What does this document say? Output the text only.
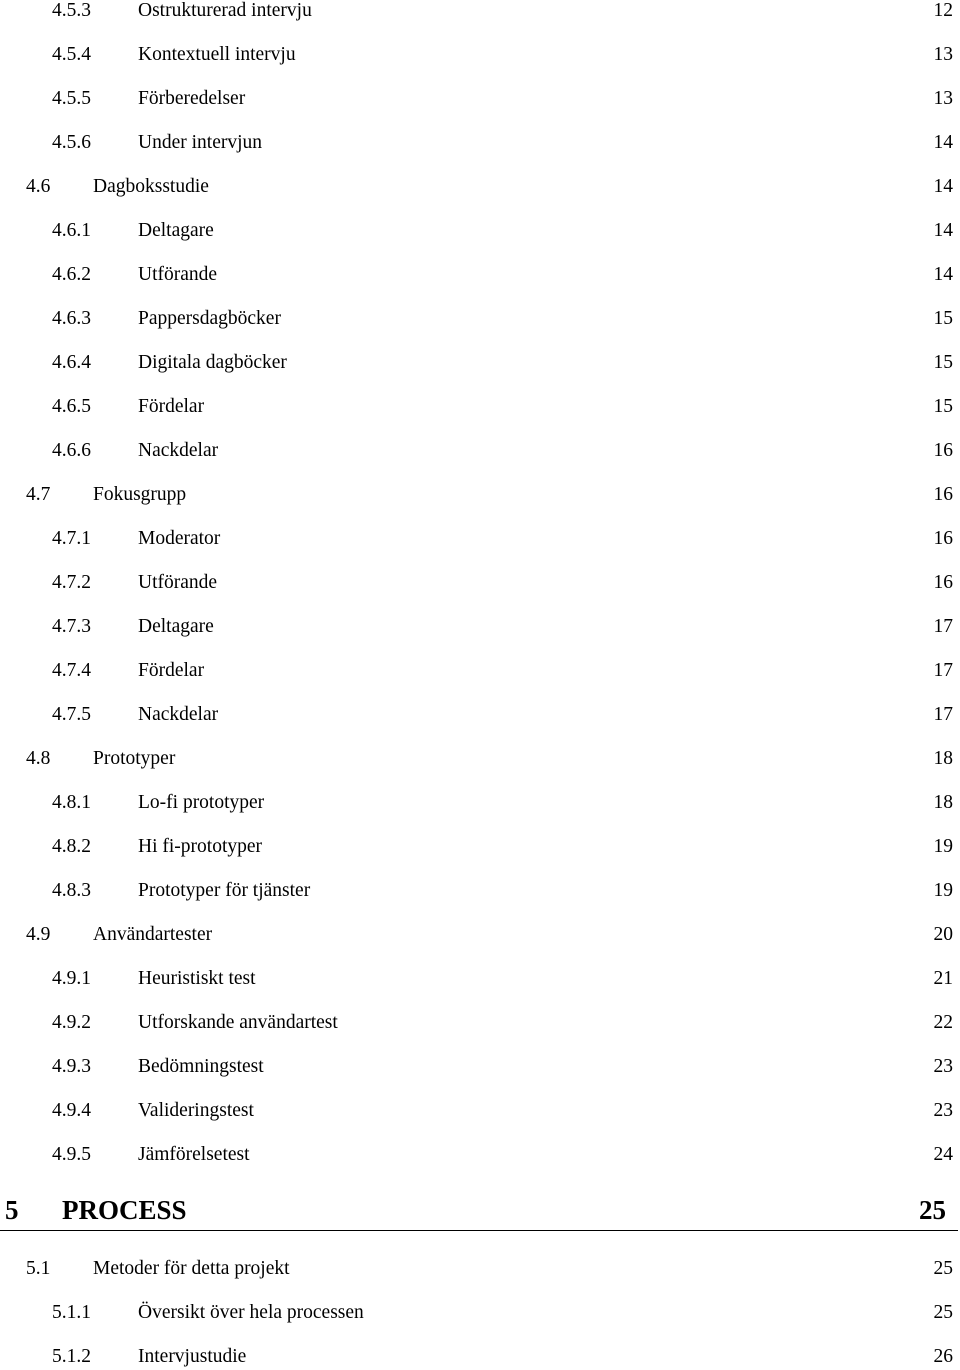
4.5.3 Ostrukturerad intervju	12
4.5.4 Kontextuell intervju	13
4.5.5 Förberedelser	13
4.5.6 Under intervjun	14
4.6 Dagboksstudie	14
4.6.1 Deltagare	14
4.6.2 Utförande	14
4.6.3 Pappersdagböcker	15
4.6.4 Digitala dagböcker	15
4.6.5 Fördelar	15
4.6.6 Nackdelar	16
4.7 Fokusgrupp	16
4.7.1 Moderator	16
4.7.2 Utförande	16
4.7.3 Deltagare	17
4.7.4 Fördelar	17
4.7.5 Nackdelar	17
4.8 Prototyper	18
4.8.1 Lo-fi prototyper	18
4.8.2 Hi fi-prototyper	19
4.8.3 Prototyper för tjänster	19
4.9 Användartester	20
4.9.1 Heuristiskt test	21
4.9.2 Utforskande användartest	22
4.9.3 Bedömningstest	23
4.9.4 Valideringstest	23
4.9.5 Jämförelsetest	24
5 PROCESS	25
5.1 Metoder för detta projekt	25
5.1.1 Översikt över hela processen	25
5.1.2 Intervjustudie	26
